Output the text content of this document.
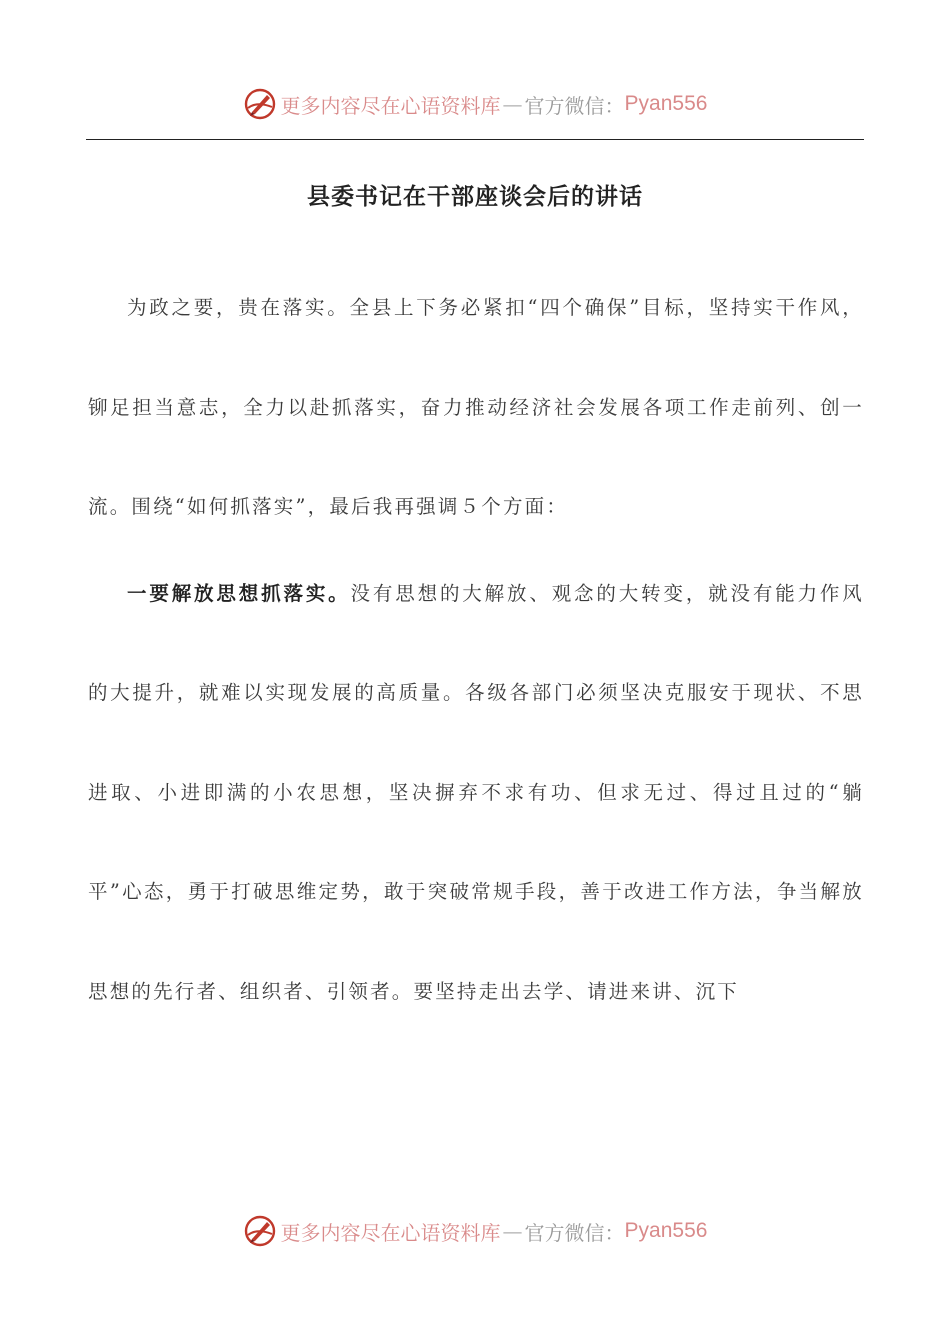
更多内容尽在心语资料库 — 官方微信： Pyan556
县委书记在干部座谈会后的讲话

为政之要，贵在落实。全县上下务必紧扣“四个确保”目标，坚持实干作风，铆足担当意志，全力以赴抓落实，奋力推动经济社会发展各项工作走前列、创一流。围绕“如何抓落实”，最后我再强调５个方面：

一要解放思想抓落实。没有思想的大解放、观念的大转变，就没有能力作风的大提升，就难以实现发展的高质量。各级各部门必须坚决克服安于现状、不思进取、小进即满的小农思想，坚决摒弃不求有功、但求无过、得过且过的“躺平”心态，勇于打破思维定势，敢于突破常规手段，善于改进工作方法，争当解放思想的先行者、组织者、引领者。要坚持走出去学、请进来讲、沉下

更多内容尽在心语资料库 — 官方微信： Pyan556
